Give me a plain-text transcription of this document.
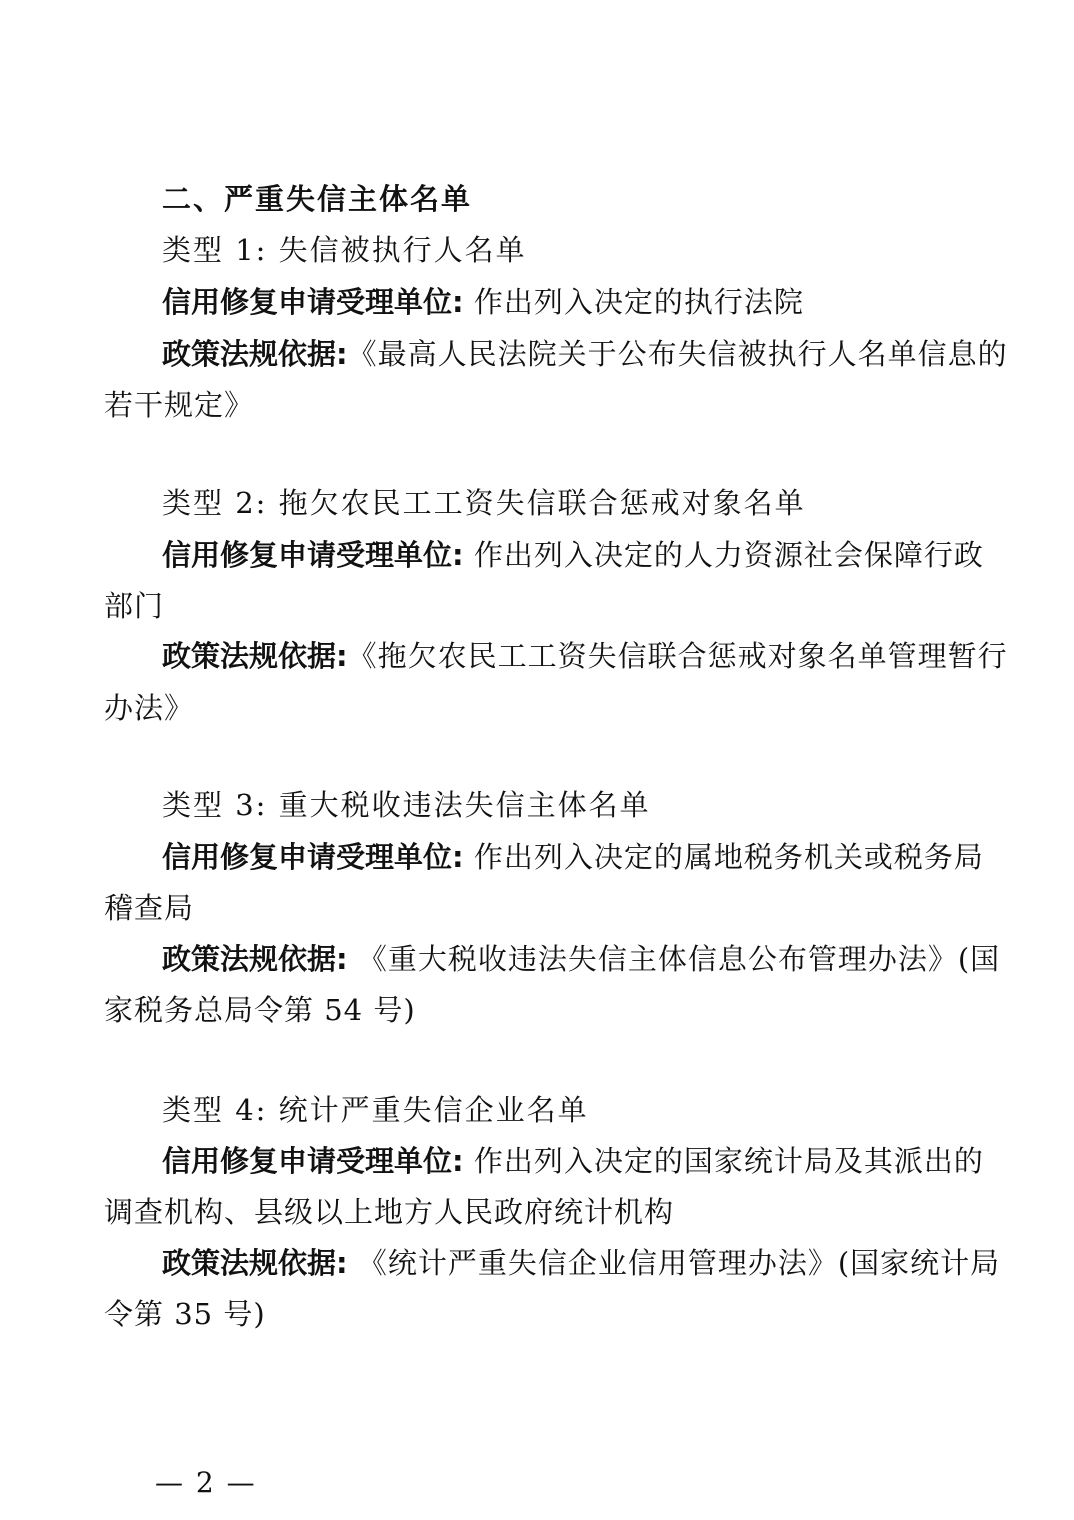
二、严重失信主体名单
类型 1: 失信被执行人名单
信用修复申请受理单位: 作出列入决定的执行法院
政策法规依据:《最高人民法院关于公布失信被执行人名单信息的
若干规定》
类型 2: 拖欠农民工工资失信联合惩戒对象名单
信用修复申请受理单位: 作出列入决定的人力资源社会保障行政
部门
政策法规依据:《拖欠农民工工资失信联合惩戒对象名单管理暂行
办法》
类型 3: 重大税收违法失信主体名单
信用修复申请受理单位: 作出列入决定的属地税务机关或税务局
稽查局
政策法规依据: 《重大税收违法失信主体信息公布管理办法》(国
家税务总局令第 54 号)
类型 4: 统计严重失信企业名单
信用修复申请受理单位: 作出列入决定的国家统计局及其派出的
调查机构、县级以上地方人民政府统计机构
政策法规依据: 《统计严重失信企业信用管理办法》(国家统计局
令第 35 号)
— 2 —
